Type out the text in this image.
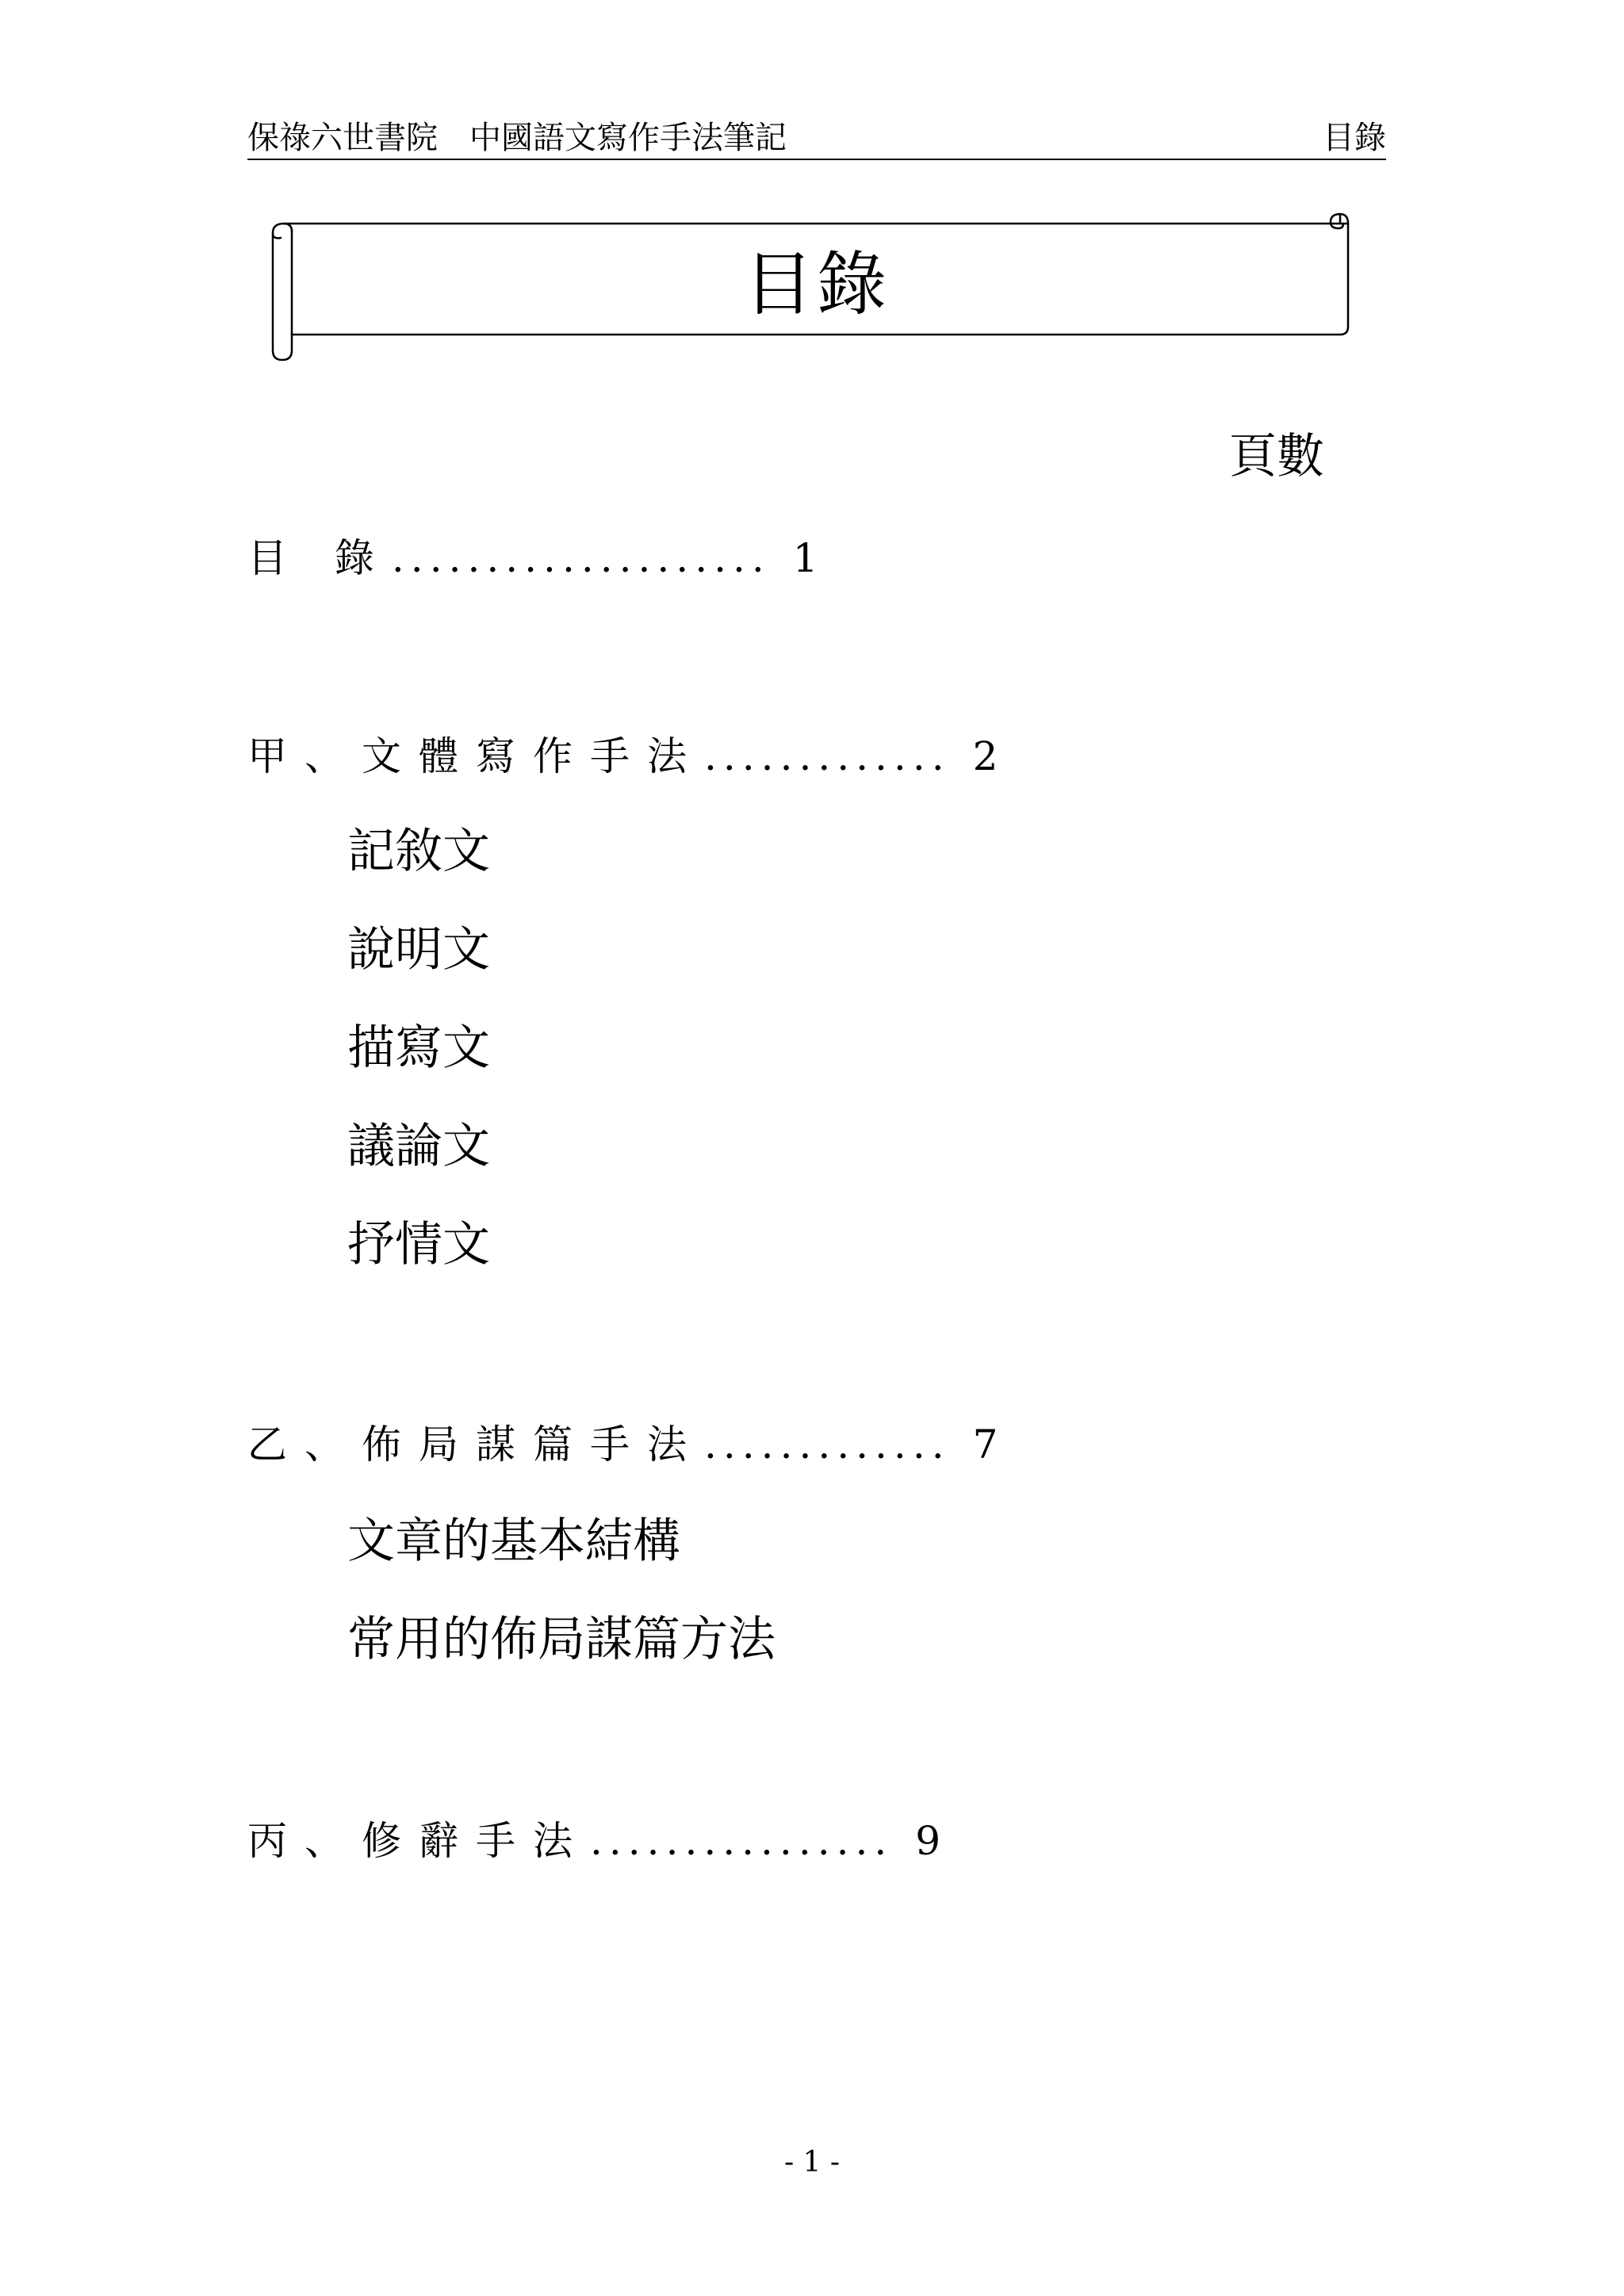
保祿六世書院　中國語文寫作手法筆記	目錄
目錄
頁數
目 錄.................... 1
甲、文體寫作手法............. 2
記敘文
說明文
描寫文
議論文
抒情文
乙、佈局謀篇手法............. 7
文章的基本結構
常用的佈局謀篇方法
丙、修辭手法................ 9
- 1 -
